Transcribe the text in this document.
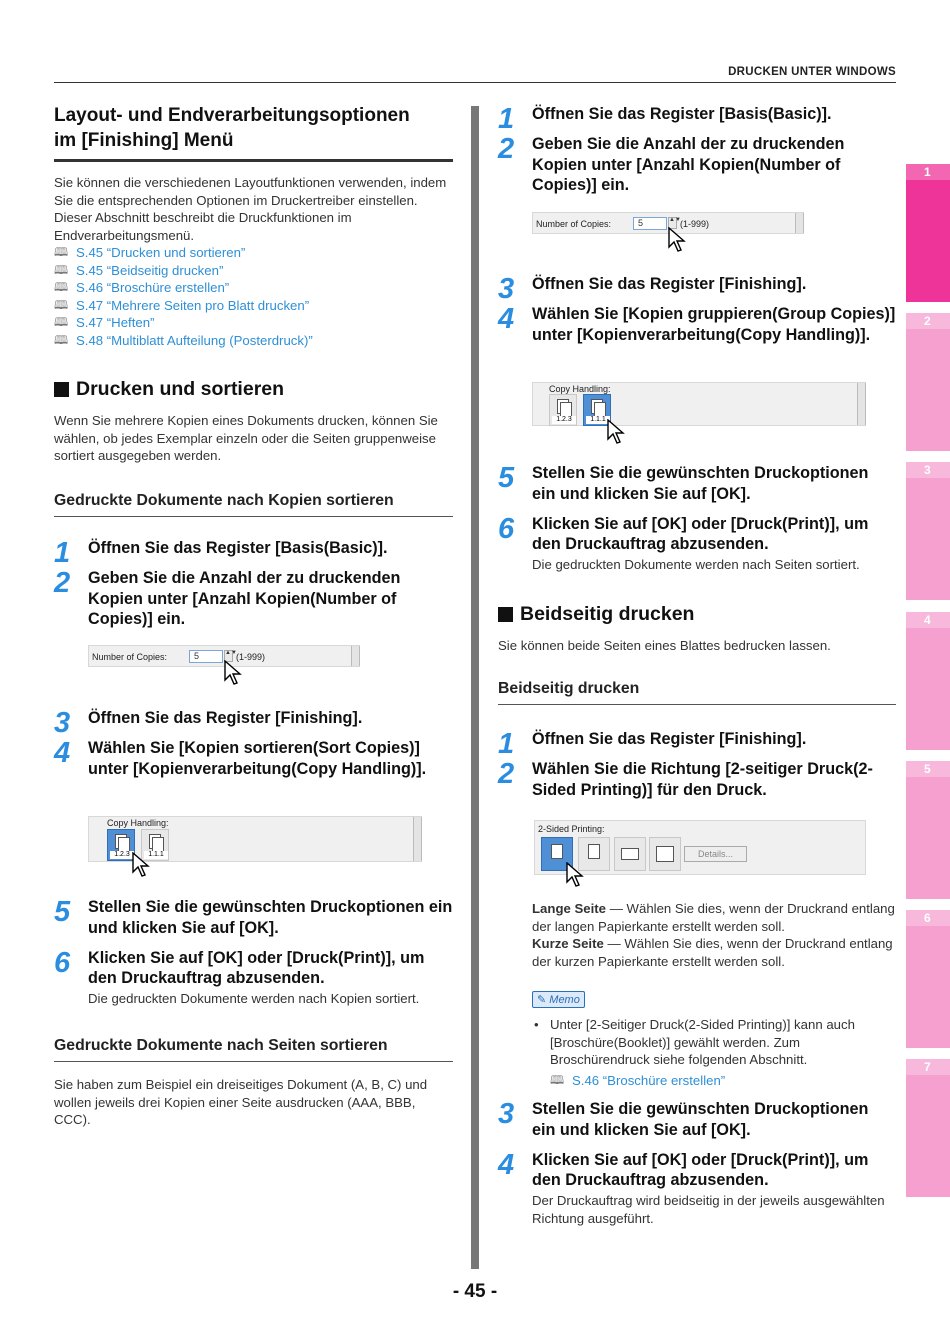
DRUCKEN UNTER WINDOWS
1
2
3
4
5
6
7
Layout- und Endverarbeitungsoptionen
im [Finishing] Menü
Sie können die verschiedenen Layoutfunktionen verwenden, indem Sie die entsprechenden Optionen im Druckertreiber einstellen. Dieser Abschnitt beschreibt die Druckfunktionen im Endverarbeitungsmenü.
🕮 S.45 “Drucken und sortieren”
🕮 S.45 “Beidseitig drucken”
🕮 S.46 “Broschüre erstellen”
🕮 S.47 “Mehrere Seiten pro Blatt drucken”
🕮 S.47 “Heften”
🕮 S.48 “Multiblatt Aufteilung (Posterdruck)”
Drucken und sortieren
Wenn Sie mehrere Kopien eines Dokuments drucken, können Sie wählen, ob jedes Exemplar einzeln oder die Seiten gruppenweise sortiert ausgegeben werden.
Gedruckte Dokumente nach Kopien sortieren
1 Öffnen Sie das Register [Basis(Basic)].
2 Geben Sie die Anzahl der zu druckenden Kopien unter [Anzahl Kopien(Number of Copies)] ein.
Number of Copies:	5	▲▼ (1-999)
3 Öffnen Sie das Register [Finishing].
4 Wählen Sie [Kopien sortieren(Sort Copies)] unter [Kopienverarbeitung(Copy Handling)].
Copy Handling:
1.2.3	1.1.1
5 Stellen Sie die gewünschten Druckoptionen ein und klicken Sie auf [OK].
6 Klicken Sie auf [OK] oder [Druck(Print)], um den Druckauftrag abzusenden.
Die gedruckten Dokumente werden nach Kopien sortiert.
Gedruckte Dokumente nach Seiten sortieren
Sie haben zum Beispiel ein dreiseitiges Dokument (A, B, C) und wollen jeweils drei Kopien einer Seite ausdrucken (AAA, BBB, CCC).
1 Öffnen Sie das Register [Basis(Basic)].
2 Geben Sie die Anzahl der zu druckenden Kopien unter [Anzahl Kopien(Number of Copies)] ein.
Number of Copies:	5	▲▼ (1-999)
3 Öffnen Sie das Register [Finishing].
4 Wählen Sie [Kopien gruppieren(Group Copies)] unter [Kopienverarbeitung(Copy Handling)].
Copy Handling:
1.2.3	1.1.1
5 Stellen Sie die gewünschten Druckoptionen ein und klicken Sie auf [OK].
6 Klicken Sie auf [OK] oder [Druck(Print)], um den Druckauftrag abzusenden.
Die gedruckten Dokumente werden nach Seiten sortiert.
Beidseitig drucken
Sie können beide Seiten eines Blattes bedrucken lassen.
Beidseitig drucken
1 Öffnen Sie das Register [Finishing].
2 Wählen Sie die Richtung [2-seitiger Druck(2-Sided Printing)] für den Druck.
2-Sided Printing:
Details...
Lange Seite — Wählen Sie dies, wenn der Druckrand entlang der langen Papierkante erstellt werden soll.
Kurze Seite — Wählen Sie dies, wenn der Druckrand entlang der kurzen Papierkante erstellt werden soll.
✎ Memo
• Unter [2-Seitiger Druck(2-Sided Printing)] kann auch [Broschüre(Booklet)] gewählt werden. Zum Broschürendruck siehe folgenden Abschnitt.
🕮 S.46 “Broschüre erstellen”
3 Stellen Sie die gewünschten Druckoptionen ein und klicken Sie auf [OK].
4 Klicken Sie auf [OK] oder [Druck(Print)], um den Druckauftrag abzusenden.
Der Druckauftrag wird beidseitig in der jeweils ausgewählten Richtung ausgeführt.
- 45 -
